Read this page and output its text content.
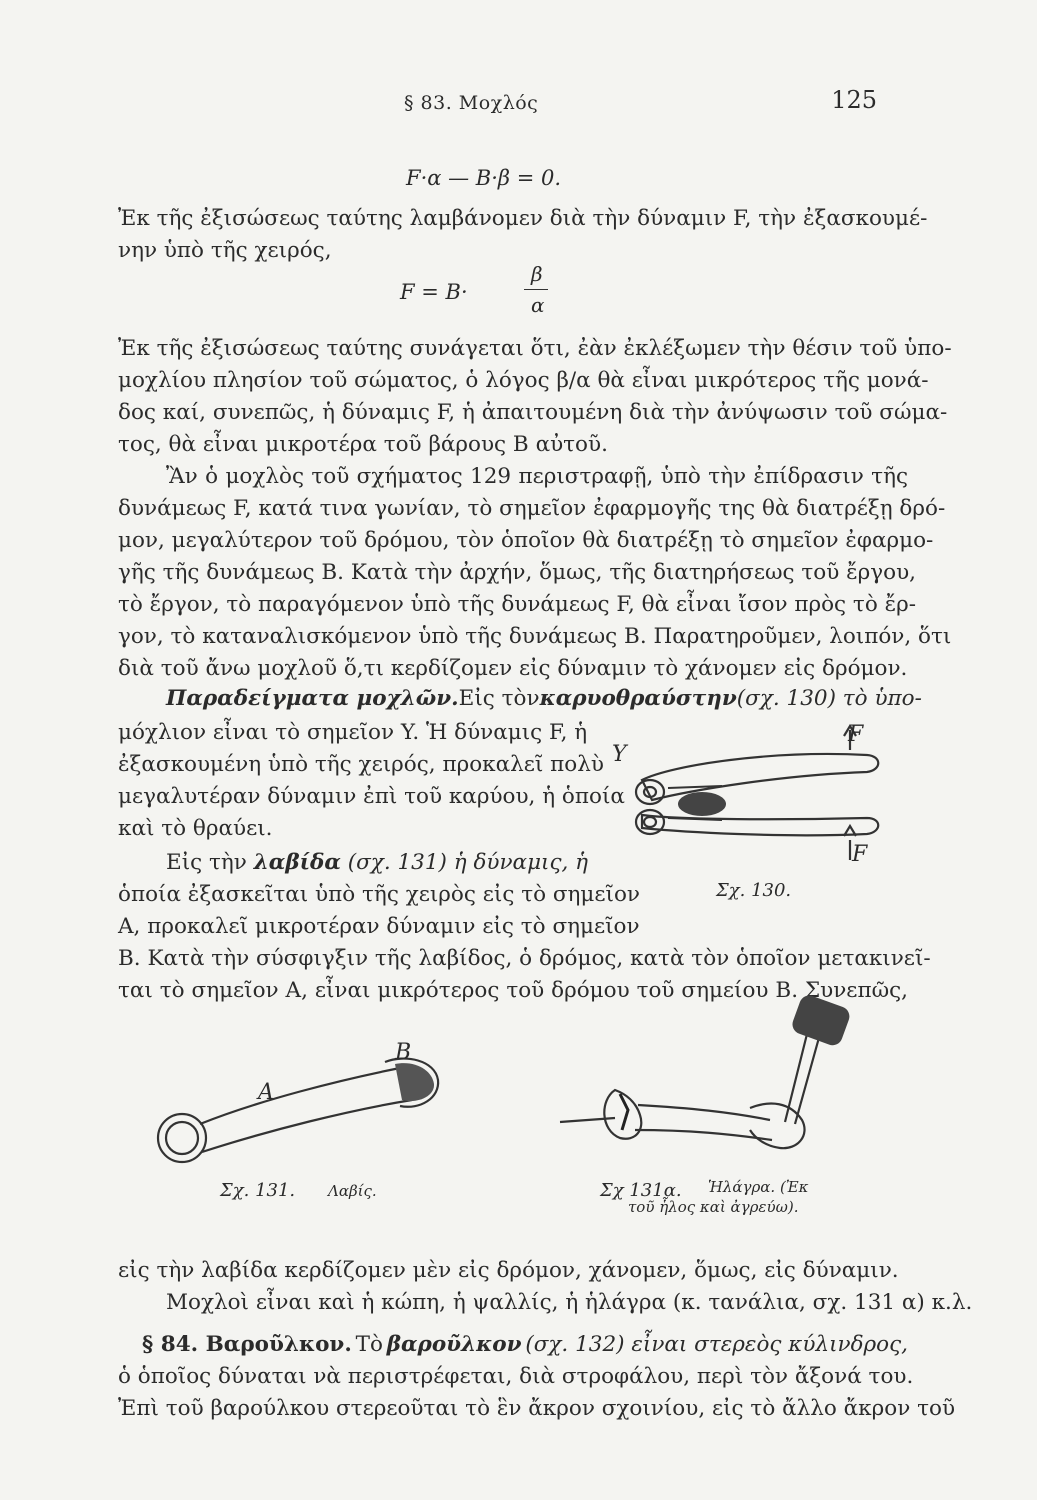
§ 83. Μοχλός	125
F·α — B·β = 0.
Ἐκ τῆς ἐξισώσεως ταύτης λαμβάνομεν διὰ τὴν δύναμιν F, τὴν ἐξασκουμέ-
νην ὑπὸ τῆς χειρός,
F = B·
β
α
Ἐκ τῆς ἐξισώσεως ταύτης συνάγεται ὅτι, ἐὰν ἐκλέξωμεν τὴν θέσιν τοῦ ὑπο-
μοχλίου πλησίον τοῦ σώματος, ὁ λόγος β/α θὰ εἶναι μικρότερος τῆς μονά-
δος καί, συνεπῶς, ἡ δύναμις F, ἡ ἀπαιτουμένη διὰ τὴν ἀνύψωσιν τοῦ σώμα-
τος, θὰ εἶναι μικροτέρα τοῦ βάρους B αὐτοῦ.
Ἂν ὁ μοχλὸς τοῦ σχήματος 129 περιστραφῇ, ὑπὸ τὴν ἐπίδρασιν τῆς
δυνάμεως F, κατά τινα γωνίαν, τὸ σημεῖον ἐφαρμογῆς της θὰ διατρέξῃ δρό-
μον, μεγαλύτερον τοῦ δρόμου, τὸν ὁποῖον θὰ διατρέξῃ τὸ σημεῖον ἐφαρμο-
γῆς τῆς δυνάμεως B. Κατὰ τὴν ἀρχήν, ὅμως, τῆς διατηρήσεως τοῦ ἔργου,
τὸ ἔργον, τὸ παραγόμενον ὑπὸ τῆς δυνάμεως F, θὰ εἶναι ἴσον πρὸς τὸ ἔρ-
γον, τὸ καταναλισκόμενον ὑπὸ τῆς δυνάμεως B. Παρατηροῦμεν, λοιπόν, ὅτι
διὰ τοῦ ἄνω μοχλοῦ ὅ,τι κερδίζομεν εἰς δύναμιν τὸ χάνομεν εἰς δρόμον.
Παραδείγματα μοχλῶν. Εἰς τὸν καρυοθραύστην (σχ. 130) τὸ ὑπο-
μόχλιον εἶναι τὸ σημεῖον Y. Ἡ δύναμις F, ἡ
ἐξασκουμένη ὑπὸ τῆς χειρός, προκαλεῖ πολὺ
μεγαλυτέραν δύναμιν ἐπὶ τοῦ καρύου, ἡ ὁποία
καὶ τὸ θραύει.
Εἰς τὴν λαβίδα (σχ. 131) ἡ δύναμις, ἡ
ὁποία ἐξασκεῖται ὑπὸ τῆς χειρὸς εἰς τὸ σημεῖον
A, προκαλεῖ μικροτέραν δύναμιν εἰς τὸ σημεῖον
B. Κατὰ τὴν σύσφιγξιν τῆς λαβίδος, ὁ δρόμος, κατὰ τὸν ὁποῖον μετακινεῖ-
ται τὸ σημεῖον A, εἶναι μικρότερος τοῦ δρόμου τοῦ σημείου B. Συνεπῶς,
Y
F
F
Σχ. 130.
A
B
Σχ. 131. Λαβίς.	Σχ 131α. Ἡλάγρα. (Ἐκ
τοῦ ἧλος καὶ ἀγρεύω).
εἰς τὴν λαβίδα κερδίζομεν μὲν εἰς δρόμον, χάνομεν, ὅμως, εἰς δύναμιν.
Μοχλοὶ εἶναι καὶ ἡ κώπη, ἡ ψαλλίς, ἡ ἡλάγρα (κ. τανάλια, σχ. 131 α) κ.λ.
§ 84. Βαροῦλκον. Τὸ βαροῦλκον (σχ. 132) εἶναι στερεὸς κύλινδρος,
ὁ ὁποῖος δύναται νὰ περιστρέφεται, διὰ στροφάλου, περὶ τὸν ἄξονά του.
Ἐπὶ τοῦ βαρούλκου στερεοῦται τὸ ἓν ἄκρον σχοινίου, εἰς τὸ ἄλλο ἄκρον τοῦ
